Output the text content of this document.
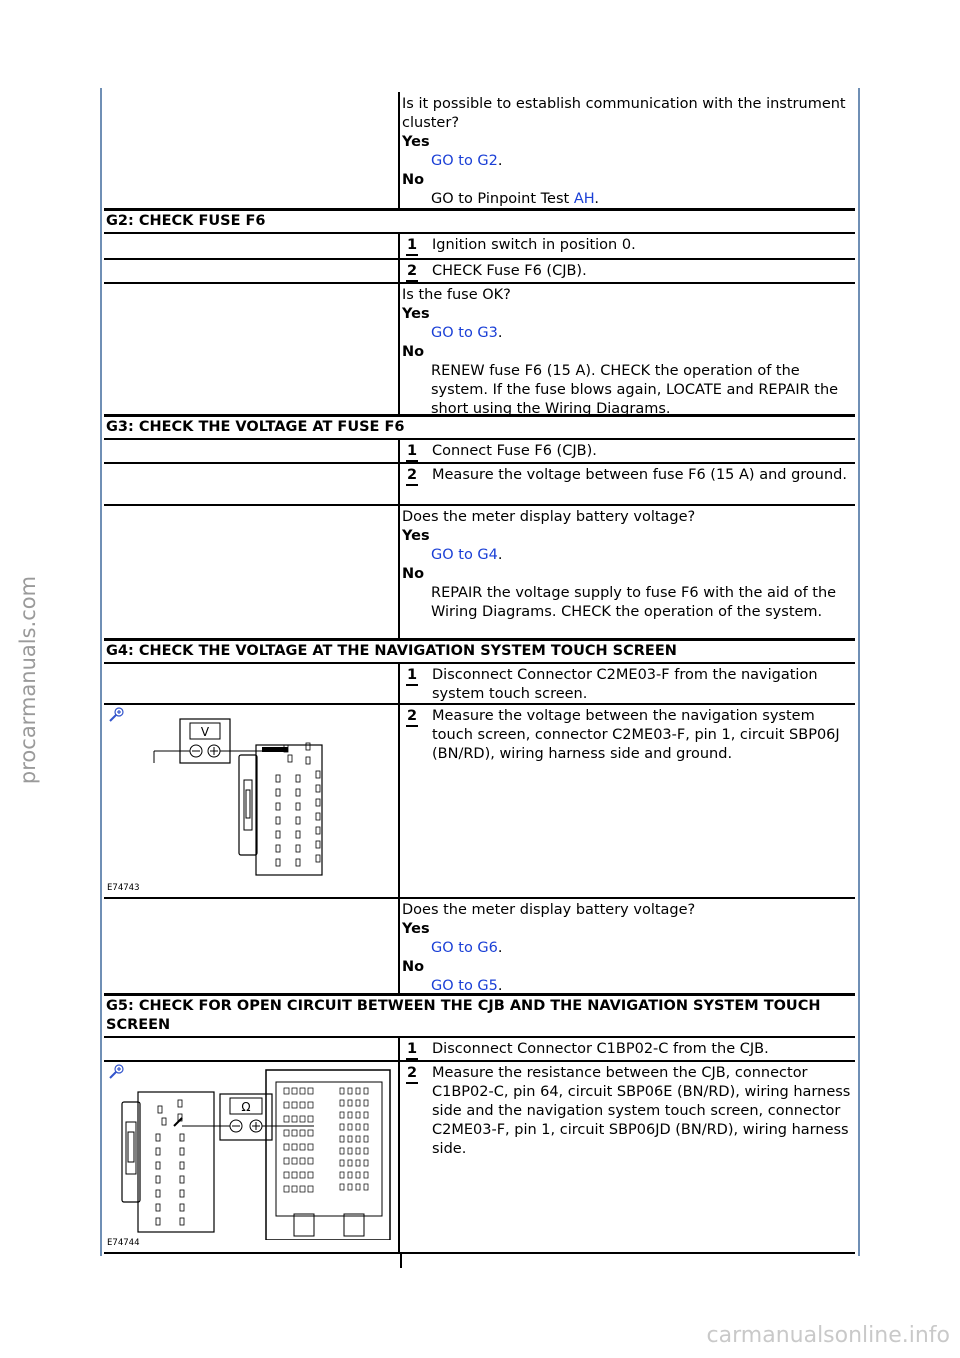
procarmanuals.com
carmanualsonline.info
Is it possible to establish communication with the instrument cluster?
Yes
GO to G2.
No
GO to Pinpoint Test AH.
G2: CHECK FUSE F6
1 Ignition switch in position 0.
2 CHECK Fuse F6 (CJB).
Is the fuse OK?
Yes
GO to G3.
No
RENEW fuse F6 (15 A). CHECK the operation of the system. If the fuse blows again, LOCATE and REPAIR the short using the Wiring Diagrams.
G3: CHECK THE VOLTAGE AT FUSE F6
1 Connect Fuse F6 (CJB).
2 Measure the voltage between fuse F6 (15 A) and ground.
Does the meter display battery voltage?
Yes
GO to G4.
No
REPAIR the voltage supply to fuse F6 with the aid of the Wiring Diagrams. CHECK the operation of the system.
G4: CHECK THE VOLTAGE AT THE NAVIGATION SYSTEM TOUCH SCREEN
1 Disconnect Connector C2ME03-F from the navigation system touch screen.
V
E74743
2 Measure the voltage between the navigation system touch screen, connector C2ME03-F, pin 1, circuit SBP06J (BN/RD), wiring harness side and ground.
Does the meter display battery voltage?
Yes
GO to G6.
No
GO to G5.
G5: CHECK FOR OPEN CIRCUIT BETWEEN THE CJB AND THE NAVIGATION SYSTEM TOUCH SCREEN
1 Disconnect Connector C1BP02-C from the CJB.
Ω
E74744
2 Measure the resistance between the CJB, connector C1BP02-C, pin 64, circuit SBP06E (BN/RD), wiring harness side and the navigation system touch screen, connector C2ME03-F, pin 1, circuit SBP06JD (BN/RD), wiring harness side.
